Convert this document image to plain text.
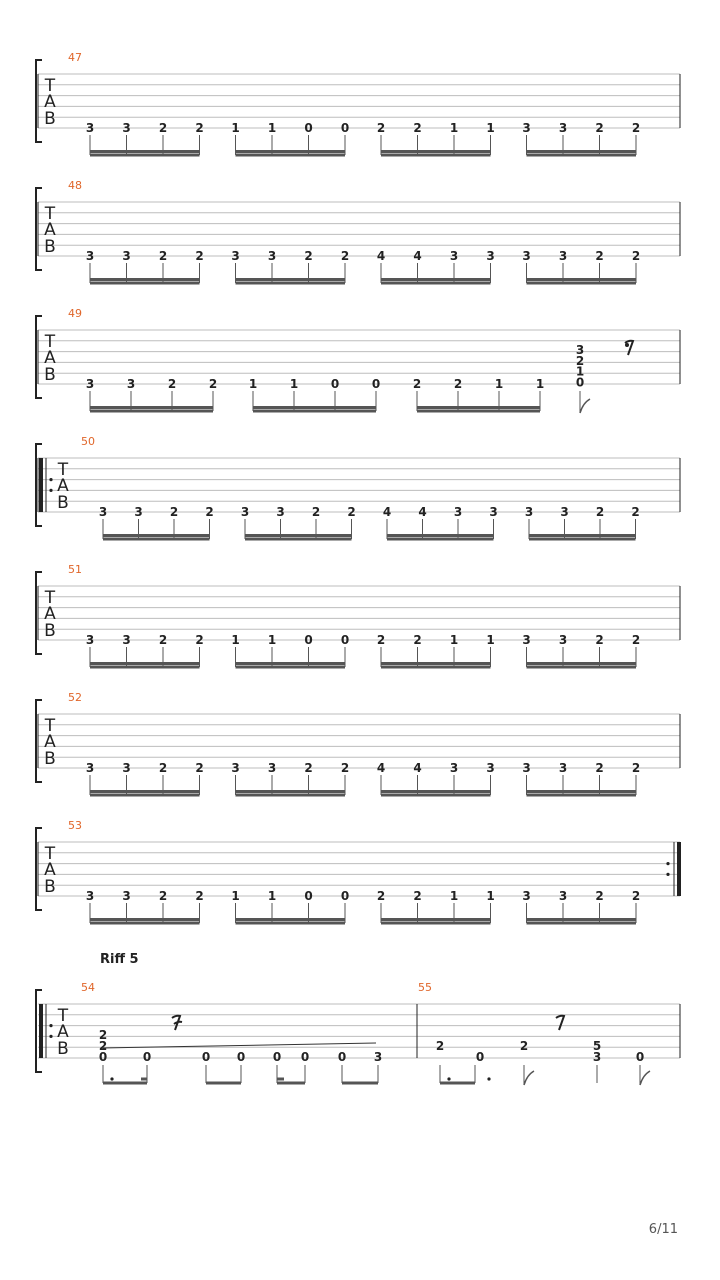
T
A
B
47
3 3 2 2 1 1 0 0 2 2 1 1 3 3 2 2
T
A
B
48
3 3 2 2 3 3 2 2 4 4 3 3 3 3 2 2
T
A
B
49
3	3	2	2	1	1	0	0	2	2	1	1
3
2
1
0
T
A
B
50
3 3 2 2 3 3 2 2 4 4 3 3 3 3 2 2
T
A
B
51
3 3 2 2 1 1 0 0 2 2 1 1 3 3 2 2
T
A
B
52
3 3 2 2 3 3 2 2 4 4 3 3 3 3 2 2
T
A
B
53
3 3 2 2 1 1 0 0 2 2 1 1 3 3 2 2
Riff 5
T
A
B
54	55
2
2
0	0	0 0 0 0 0 3
2	2	5
0	3	0
6/11
